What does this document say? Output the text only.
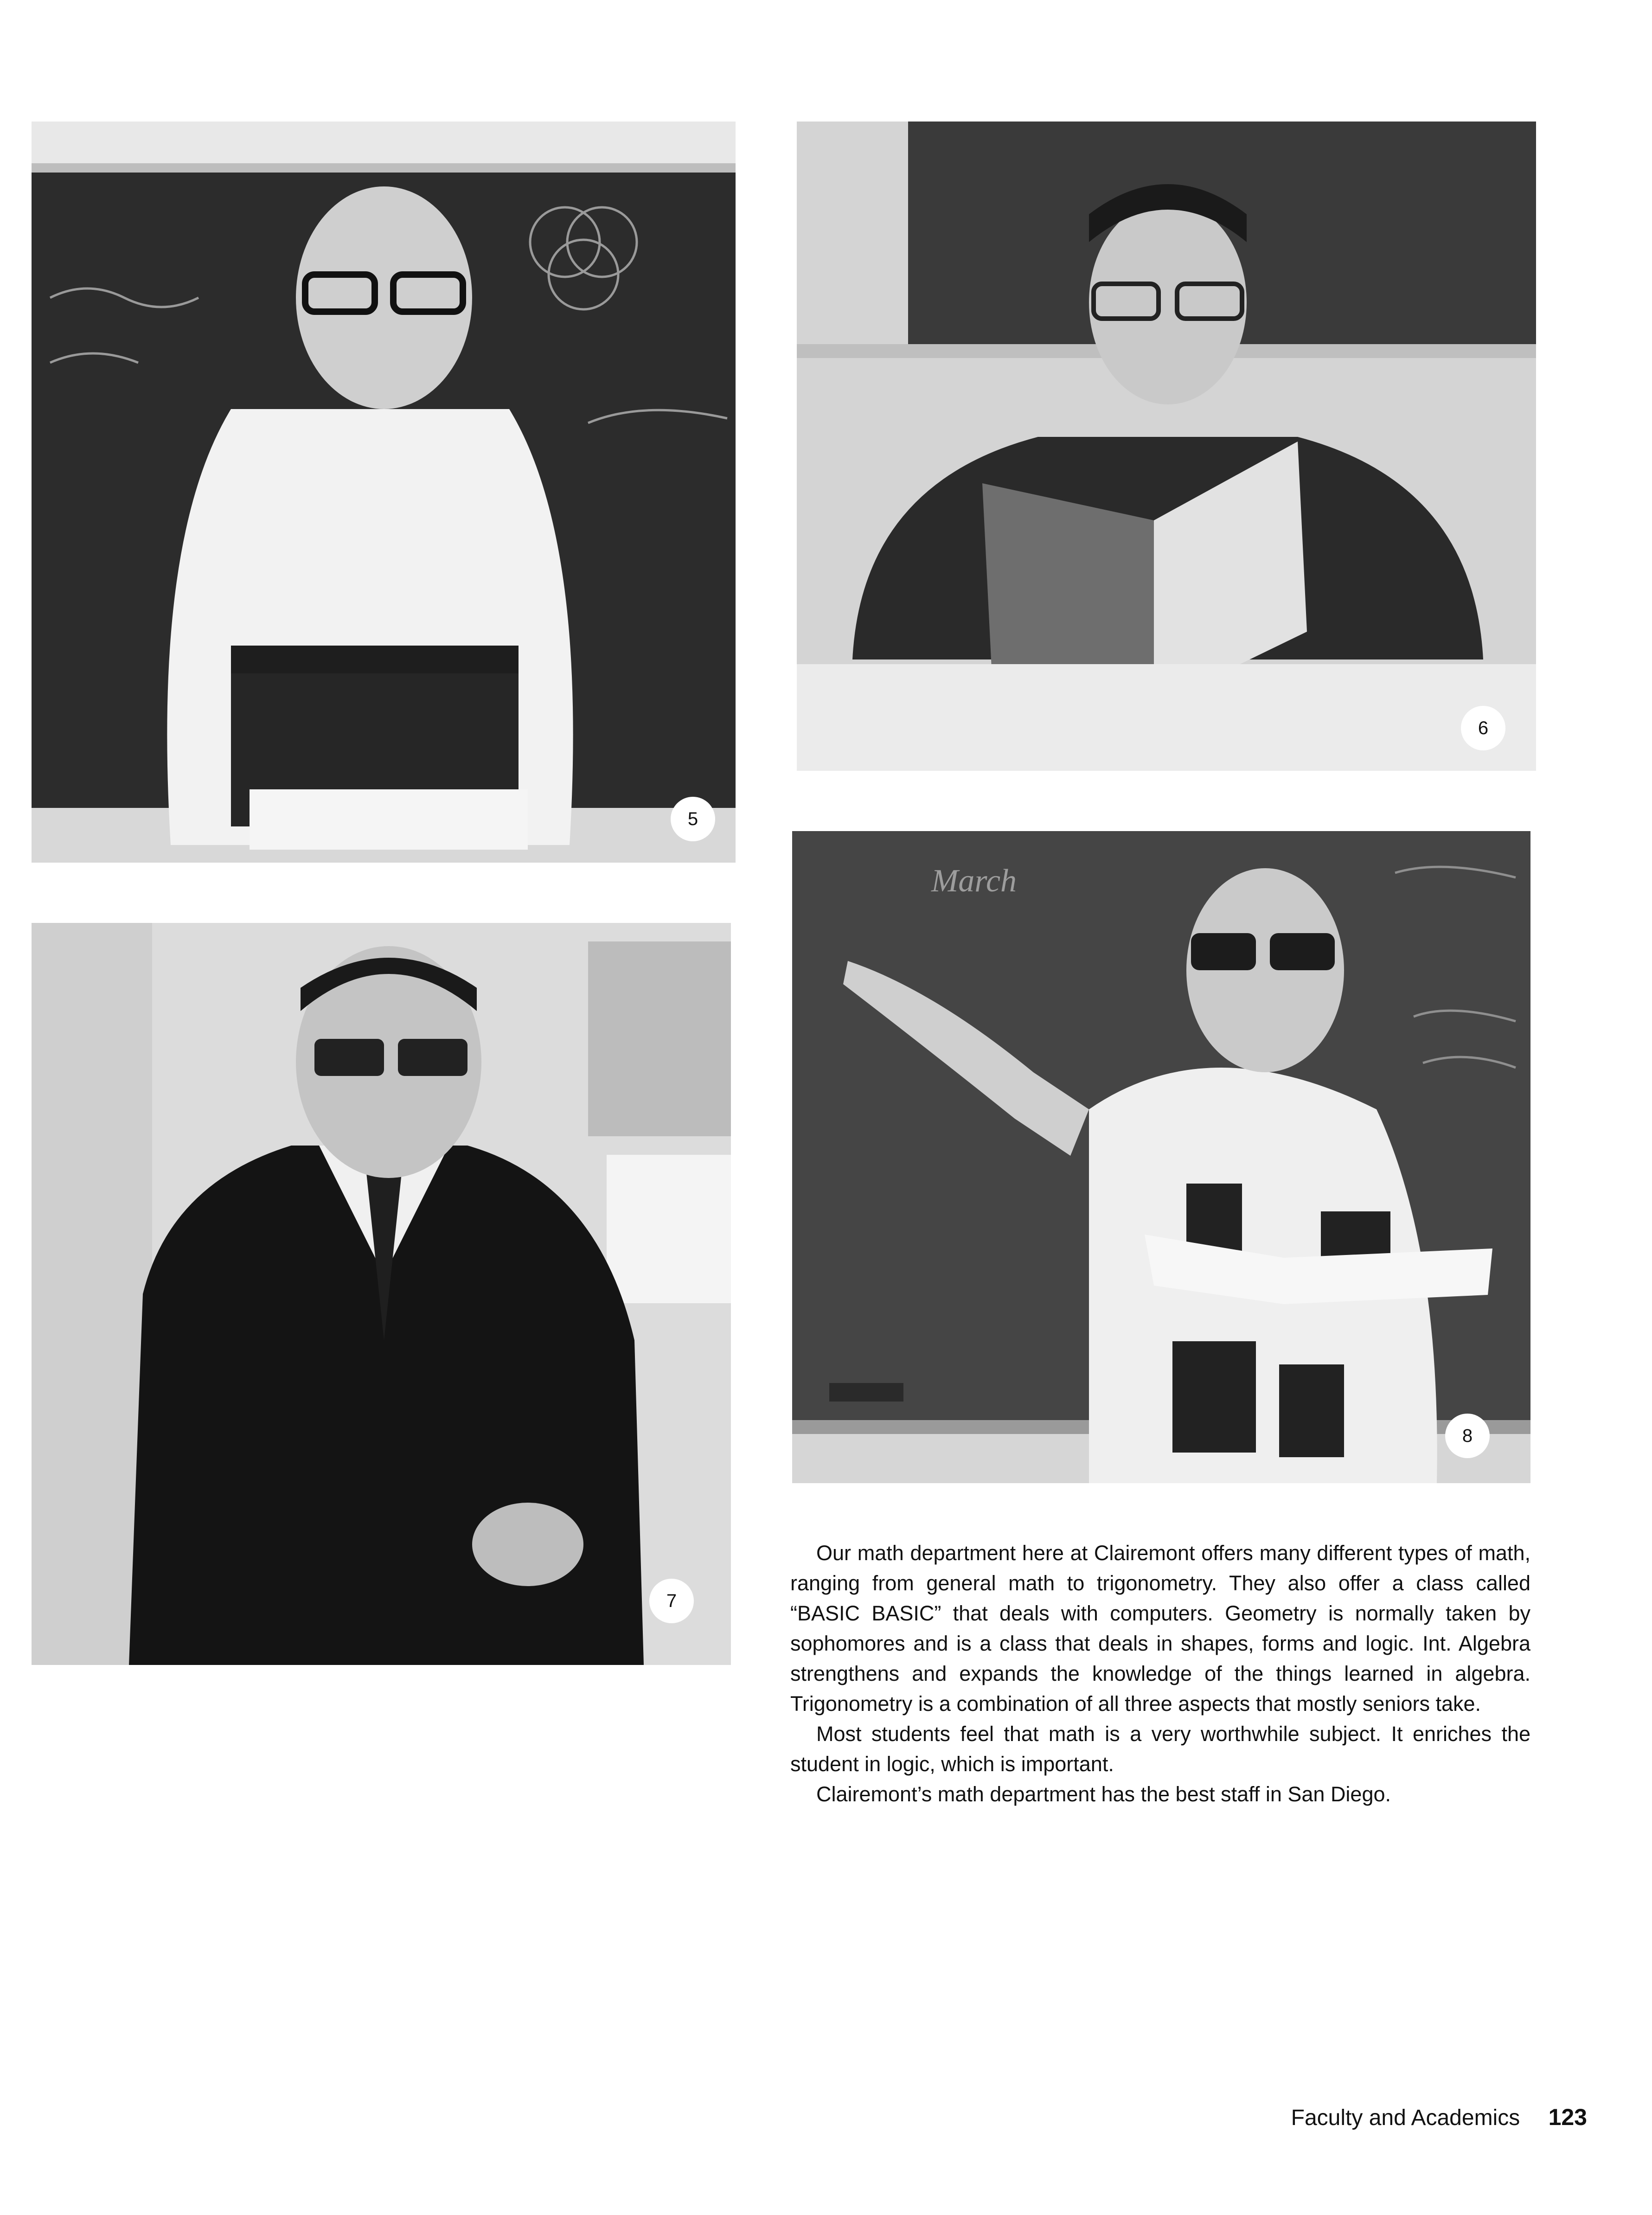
5
6
7
March
8

Our math department here at Clairemont offers many different types of math, ranging from general math to trigonometry. They also offer a class called “BASIC BASIC” that deals with computers. Geometry is normally taken by sophomores and is a class that deals in shapes, forms and logic. Int. Algebra strengthens and expands the knowledge of the things learned in algebra. Trigonometry is a combination of all three aspects that mostly seniors take.

Most students feel that math is a very worthwhile subject. It enriches the student in logic, which is important.

Clairemont’s math department has the best staff in San Diego.

Faculty and Academics 123
